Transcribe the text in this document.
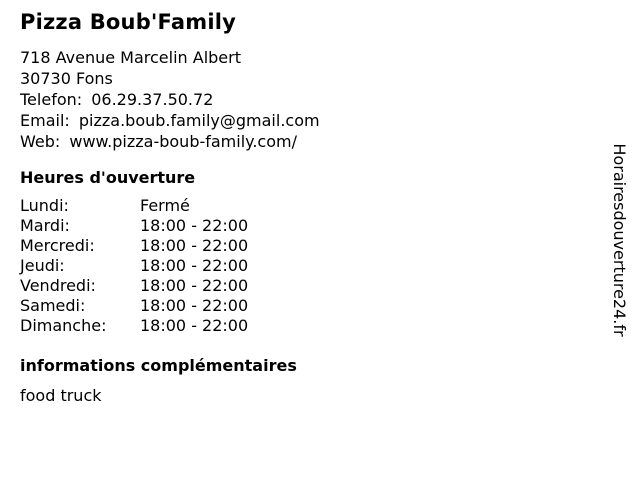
Pizza Boub'Family
718 Avenue Marcelin Albert
30730 Fons
Telefon: 06.29.37.50.72
Email: pizza.boub.family@gmail.com
Web: www.pizza-boub-family.com/
Heures d'ouverture
Lundi:	Fermé
Mardi:	18:00 - 22:00
Mercredi:	18:00 - 22:00
Jeudi:	18:00 - 22:00
Vendredi:	18:00 - 22:00
Samedi:	18:00 - 22:00
Dimanche:	18:00 - 22:00
informations complémentaires
food truck
Horairesdouverture24.fr
